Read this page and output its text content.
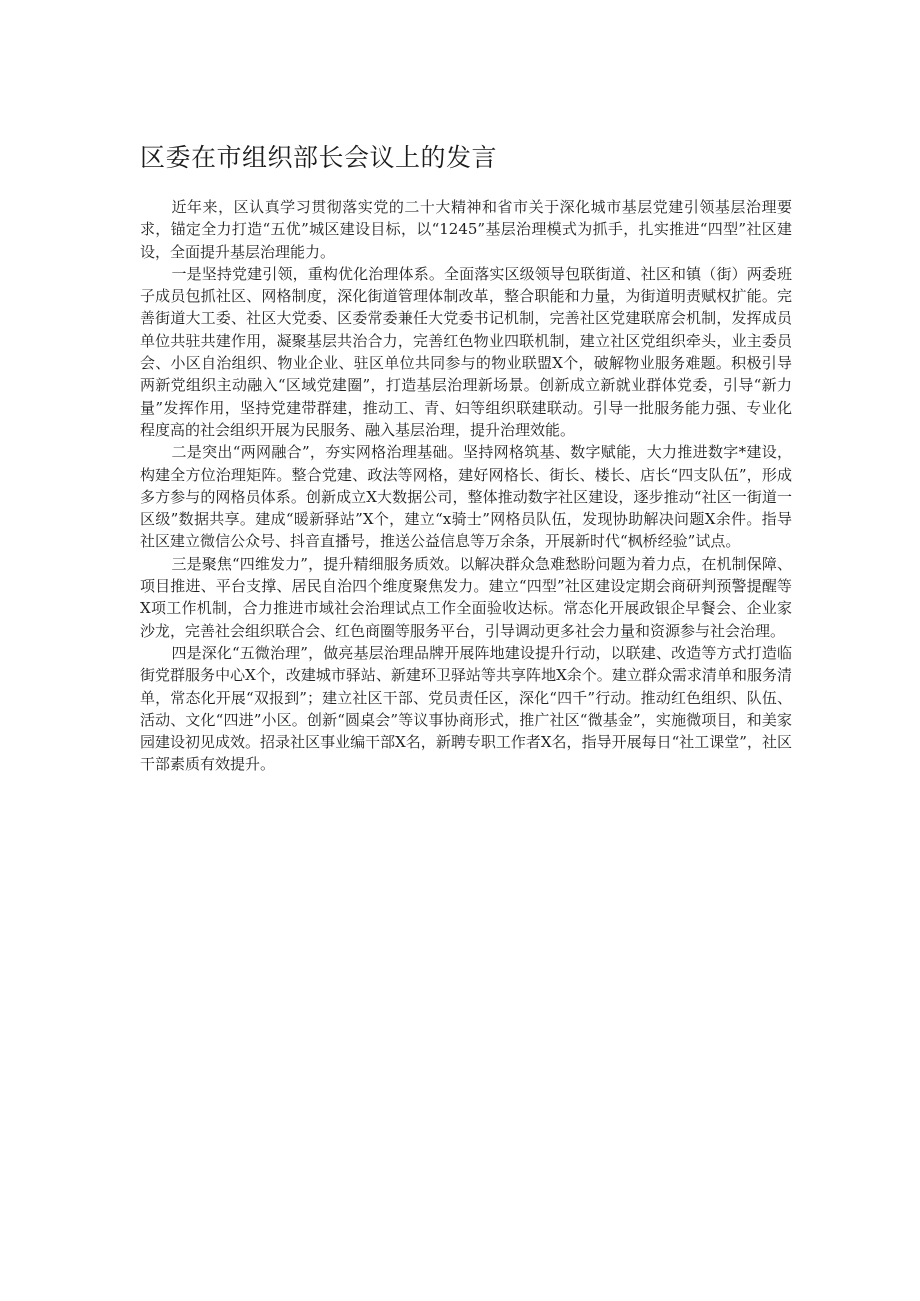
区委在市组织部长会议上的发言

近年来，区认真学习贯彻落实党的二十大精神和省市关于深化城市基层党建引领基层治理要求，锚定全力打造“五优”城区建设目标，以“1245”基层治理模式为抓手，扎实推进“四型”社区建设，全面提升基层治理能力。

一是坚持党建引领，重构优化治理体系。全面落实区级领导包联街道、社区和镇（街）两委班子成员包抓社区、网格制度，深化街道管理体制改革，整合职能和力量，为街道明责赋权扩能。完善街道大工委、社区大党委、区委常委兼任大党委书记机制，完善社区党建联席会机制，发挥成员单位共驻共建作用，凝聚基层共治合力，完善红色物业四联机制，建立社区党组织牵头，业主委员会、小区自治组织、物业企业、驻区单位共同参与的物业联盟X个，破解物业服务难题。积极引导两新党组织主动融入“区域党建圈”，打造基层治理新场景。创新成立新就业群体党委，引导“新力量”发挥作用，坚持党建带群建，推动工、青、妇等组织联建联动。引导一批服务能力强、专业化程度高的社会组织开展为民服务、融入基层治理，提升治理效能。

二是突出“两网融合”，夯实网格治理基础。坚持网格筑基、数字赋能，大力推进数字*建设，构建全方位治理矩阵。整合党建、政法等网格，建好网格长、街长、楼长、店长“四支队伍”，形成多方参与的网格员体系。创新成立X大数据公司，整体推动数字社区建设，逐步推动“社区一街道一区级”数据共享。建成“暖新驿站”X个，建立“x骑士”网格员队伍，发现协助解决问题X余件。指导社区建立微信公众号、抖音直播号，推送公益信息等万余条，开展新时代“枫桥经验”试点。

三是聚焦“四维发力”，提升精细服务质效。以解决群众急难愁盼问题为着力点，在机制保障、项目推进、平台支撑、居民自治四个维度聚焦发力。建立“四型”社区建设定期会商研判预警提醒等X项工作机制，合力推进市域社会治理试点工作全面验收达标。常态化开展政银企早餐会、企业家沙龙，完善社会组织联合会、红色商圈等服务平台，引导调动更多社会力量和资源参与社会治理。

四是深化“五微治理”，做亮基层治理品牌开展阵地建设提升行动，以联建、改造等方式打造临街党群服务中心X个，改建城市驿站、新建环卫驿站等共享阵地X余个。建立群众需求清单和服务清单，常态化开展“双报到”；建立社区干部、党员责任区，深化“四千”行动。推动红色组织、队伍、活动、文化“四进”小区。创新“圆桌会”等议事协商形式，推广社区“微基金”，实施微项目，和美家园建设初见成效。招录社区事业编干部X名，新聘专职工作者X名，指导开展每日“社工课堂”，社区干部素质有效提升。
